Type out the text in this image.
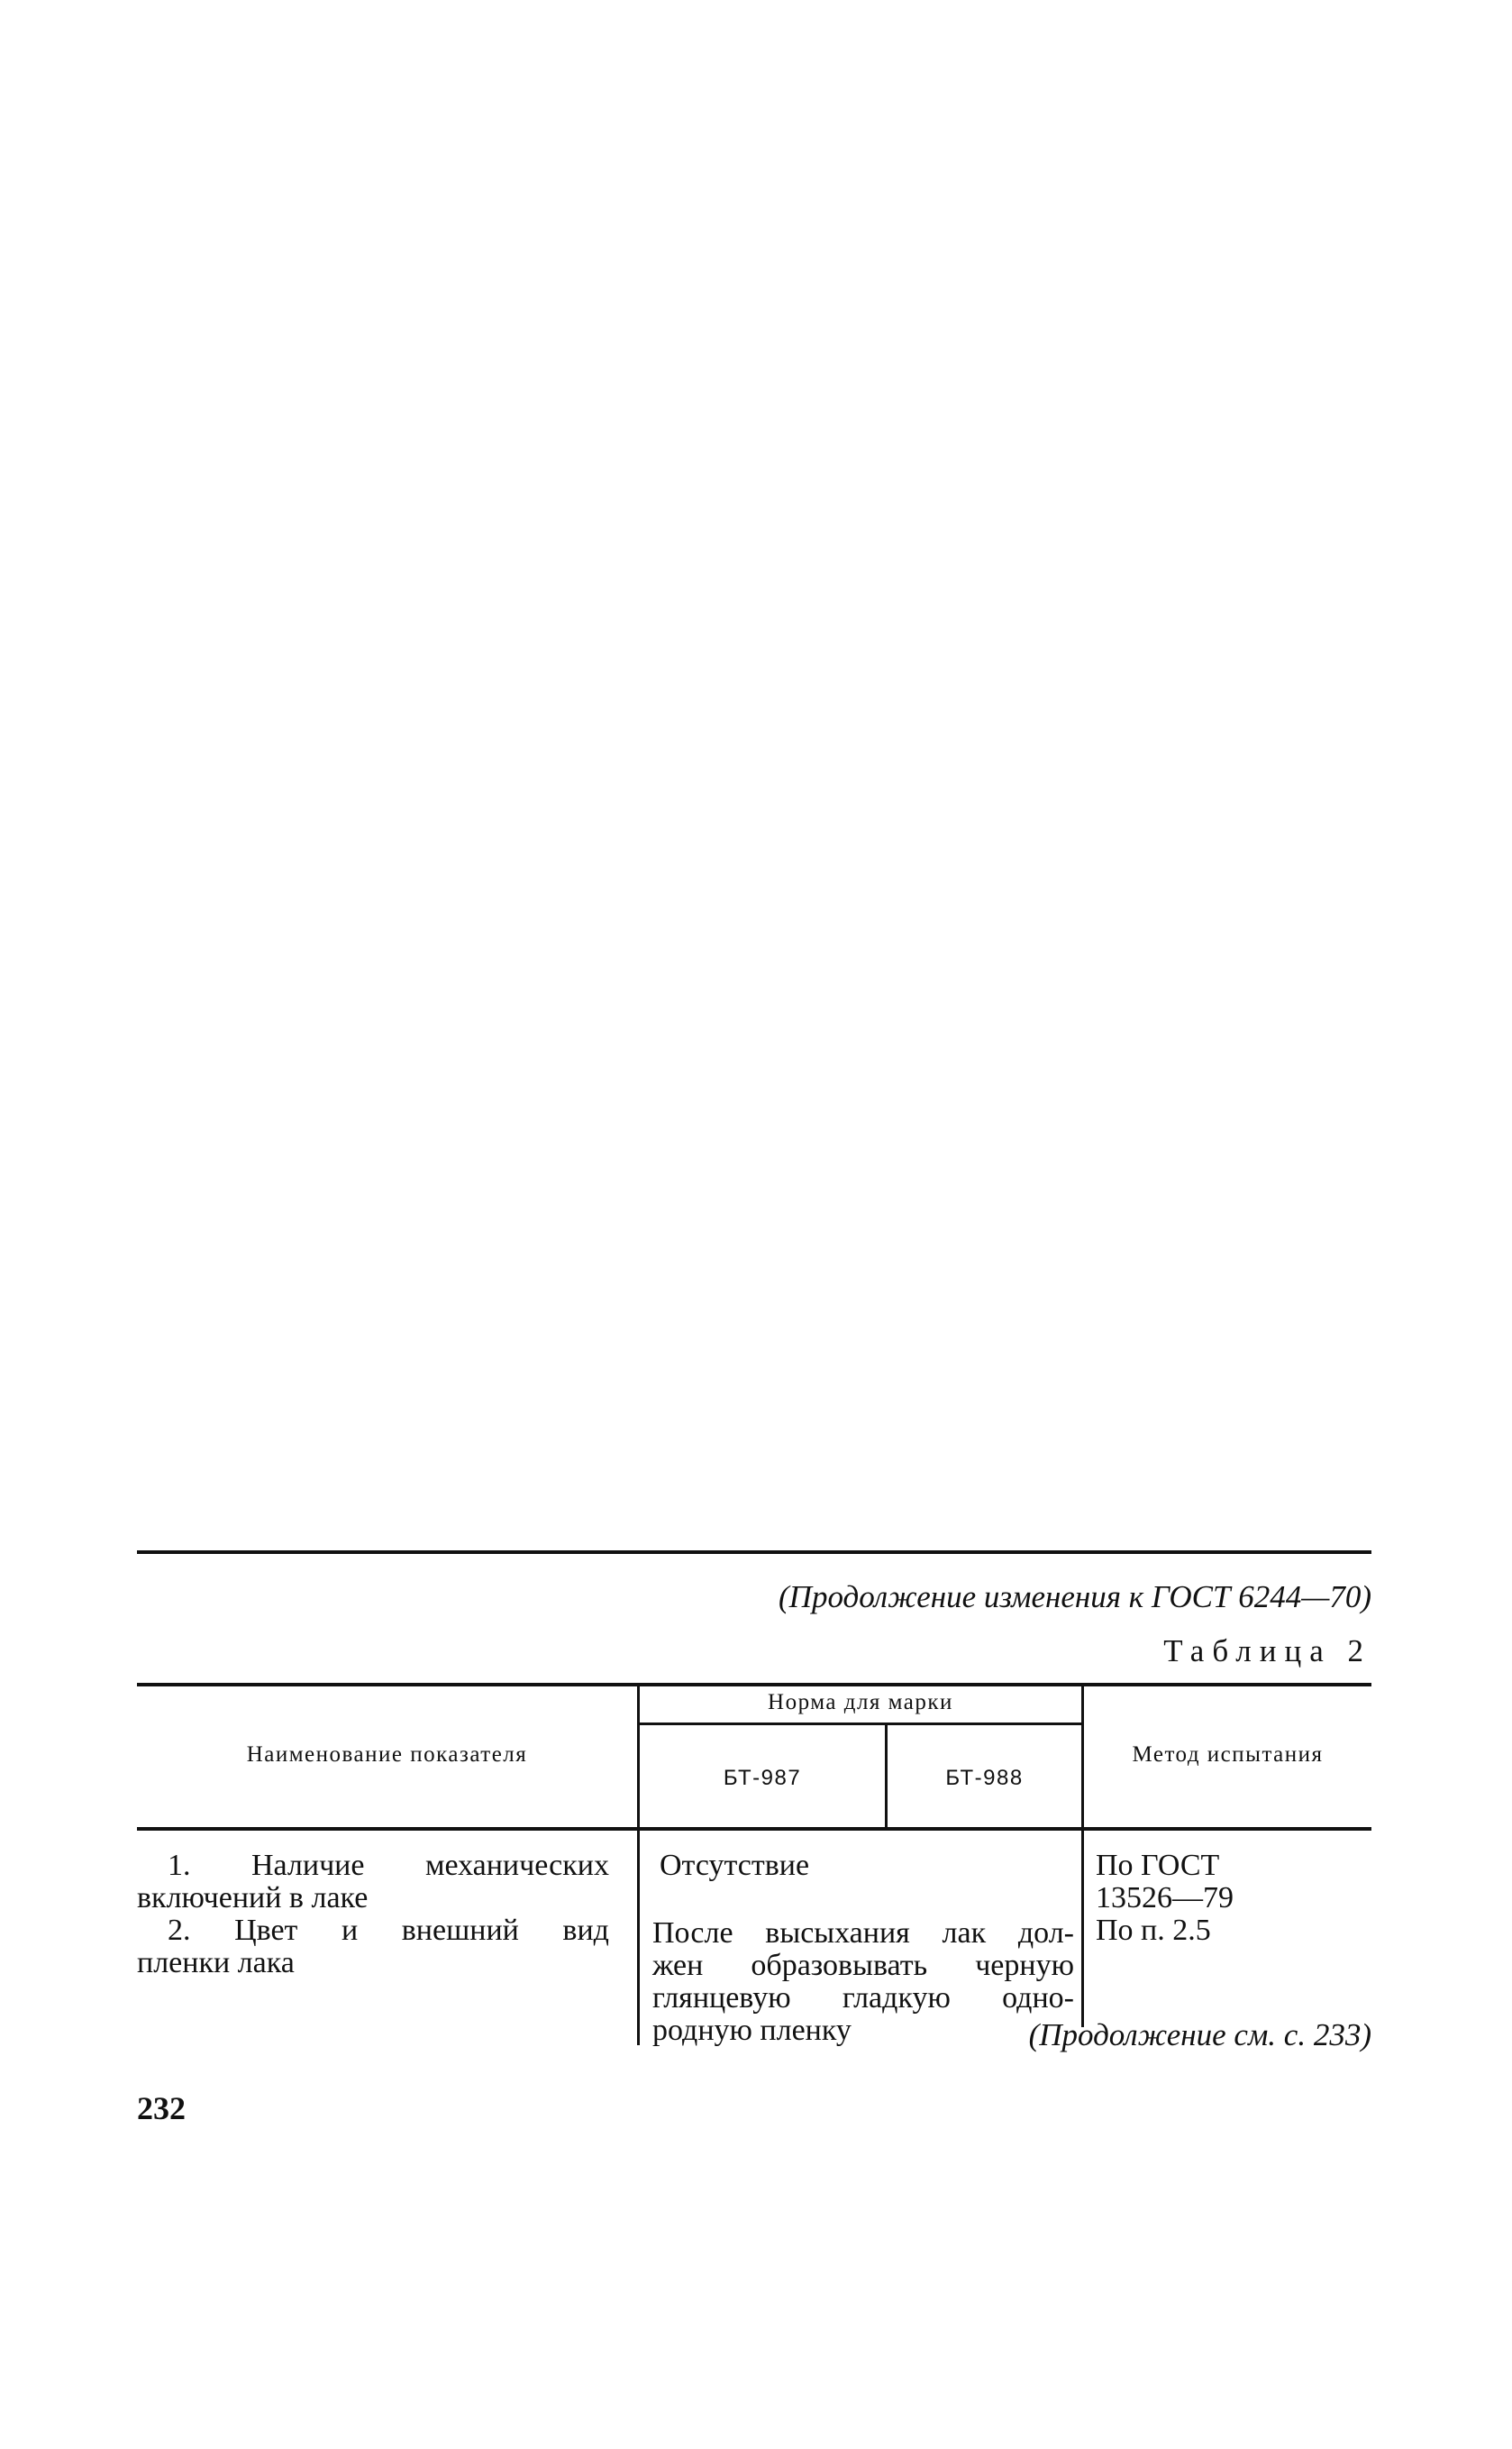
(Продолжение изменения к ГОСТ 6244—70)
Таблица 2
Наименование показателя
Норма для марки
БТ-987	БТ-988
Метод испытания
1. Наличие механических
включений в лаке
2. Цвет и внешний вид
пленки лака
Отсутствие
После высыхания лак дол-
жен образовывать черную
глянцевую гладкую одно-
родную пленку
По ГОСТ
13526—79
По п. 2.5
(Продолжение см. с. 233)
232
